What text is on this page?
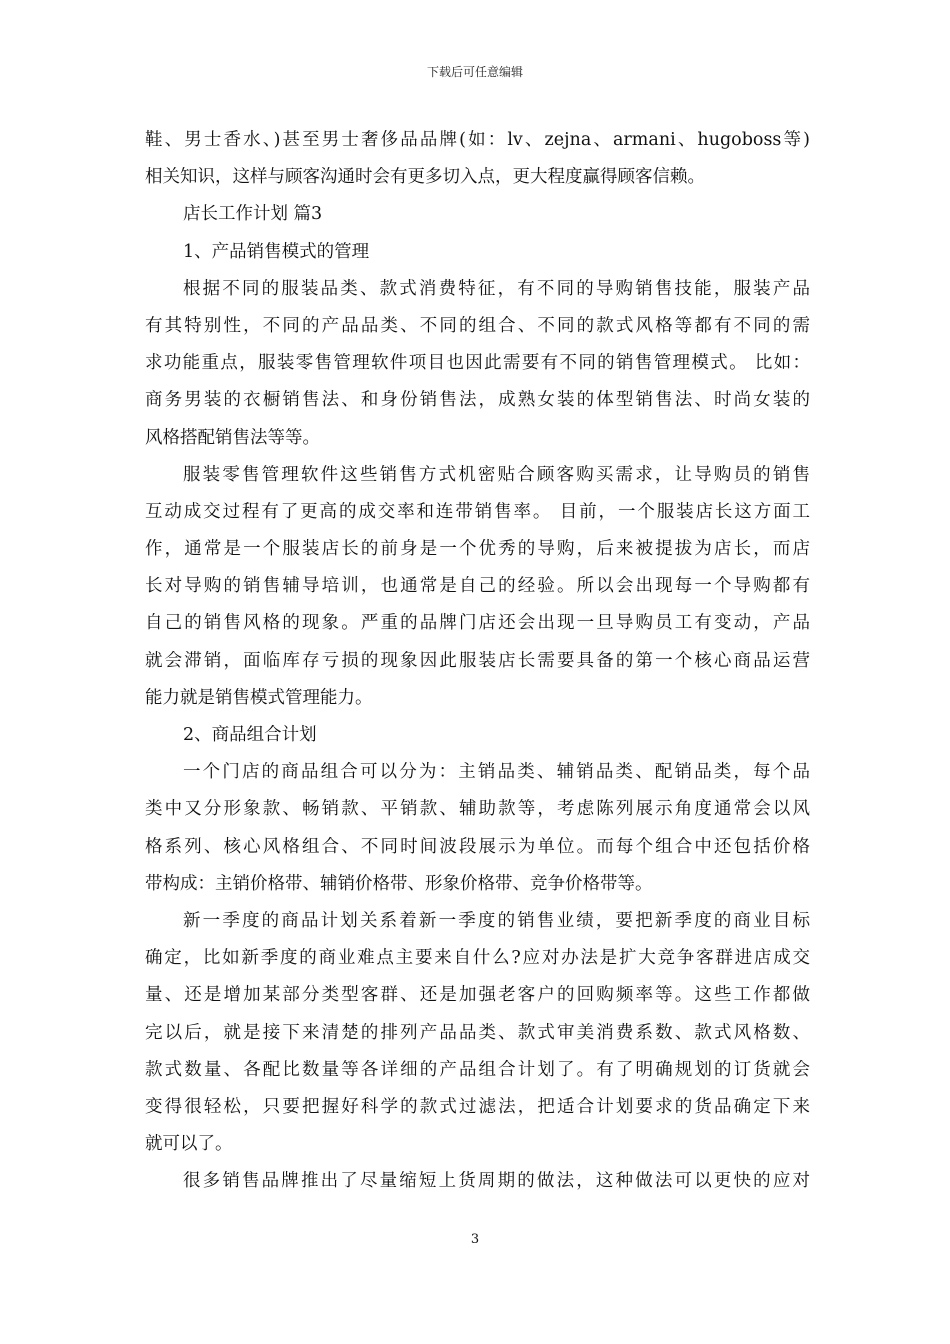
下载后可任意编辑
鞋、男士香水、)甚至男士奢侈品品牌(如：lv、zejna、armani、hugoboss等)
相关知识，这样与顾客沟通时会有更多切入点，更大程度赢得顾客信赖。
店长工作计划 篇3
1、产品销售模式的管理
根据不同的服装品类、款式消费特征，有不同的导购销售技能，服装产品
有其特别性，不同的产品品类、不同的组合、不同的款式风格等都有不同的需
求功能重点，服装零售管理软件项目也因此需要有不同的销售管理模式。 比如：
商务男装的衣橱销售法、和身份销售法，成熟女装的体型销售法、时尚女装的
风格搭配销售法等等。
服装零售管理软件这些销售方式机密贴合顾客购买需求，让导购员的销售
互动成交过程有了更高的成交率和连带销售率。 目前，一个服装店长这方面工
作，通常是一个服装店长的前身是一个优秀的导购，后来被提拔为店长，而店
长对导购的销售辅导培训，也通常是自己的经验。所以会出现每一个导购都有
自己的销售风格的现象。严重的品牌门店还会出现一旦导购员工有变动，产品
就会滞销，面临库存亏损的现象因此服装店长需要具备的第一个核心商品运营
能力就是销售模式管理能力。
2、商品组合计划
一个门店的商品组合可以分为：主销品类、辅销品类、配销品类，每个品
类中又分形象款、畅销款、平销款、辅助款等，考虑陈列展示角度通常会以风
格系列、核心风格组合、不同时间波段展示为单位。而每个组合中还包括价格
带构成：主销价格带、辅销价格带、形象价格带、竞争价格带等。
新一季度的商品计划关系着新一季度的销售业绩，要把新季度的商业目标
确定，比如新季度的商业难点主要来自什么?应对办法是扩大竞争客群进店成交
量、还是增加某部分类型客群、还是加强老客户的回购频率等。这些工作都做
完以后，就是接下来清楚的排列产品品类、款式审美消费系数、款式风格数、
款式数量、各配比数量等各详细的产品组合计划了。有了明确规划的订货就会
变得很轻松，只要把握好科学的款式过滤法，把适合计划要求的货品确定下来
就可以了。
很多销售品牌推出了尽量缩短上货周期的做法，这种做法可以更快的应对
3
